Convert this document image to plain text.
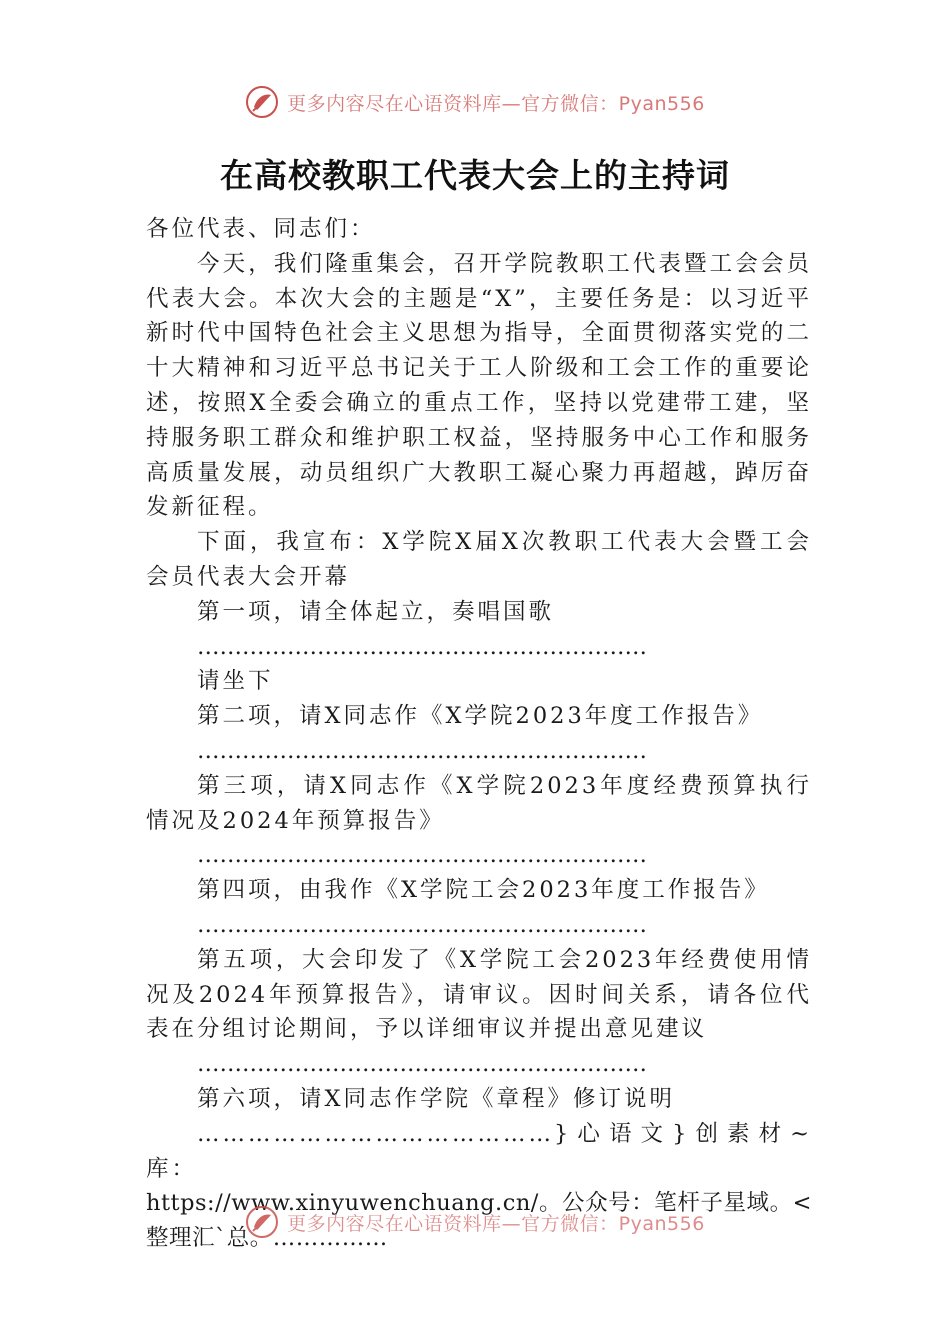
更多内容尽在心语资料库—官方微信：Pyan556
在高校教职工代表大会上的主持词

各位代表、同志们：

今天，我们隆重集会，召开学院教职工代表暨工会会员代表大会。本次大会的主题是“X”，主要任务是：以习近平新时代中国特色社会主义思想为指导，全面贯彻落实党的二十大精神和习近平总书记关于工人阶级和工会工作的重要论述，按照X全委会确立的重点工作，坚持以党建带工建，坚持服务职工群众和维护职工权益，坚持服务中心工作和服务高质量发展，动员组织广大教职工凝心聚力再超越，踔厉奋发新征程。

下面，我宣布：X学院X届X次教职工代表大会暨工会会员代表大会开幕

第一项，请全体起立，奏唱国歌

……………………………………………………

请坐下

第二项，请X同志作《X学院2023年度工作报告》

……………………………………………………

第三项，请X同志作《X学院2023年度经费预算执行情况及2024年预算报告》

……………………………………………………

第四项，由我作《X学院工会2023年度工作报告》

……………………………………………………

第五项，大会印发了《X学院工会2023年经费使用情况及2024年预算报告》，请审议。因时间关系，请各位代表在分组讨论期间，予以详细审议并提出意见建议

……………………………………………………

第六项，请X同志作学院《章程》修订说明

……………………………………}心语文}创素材~库：

https://www.xinyuwenchuang.cn/。公众号：笔杆子星域。<整理汇`总。……………

更多内容尽在心语资料库—官方微信：Pyan556
